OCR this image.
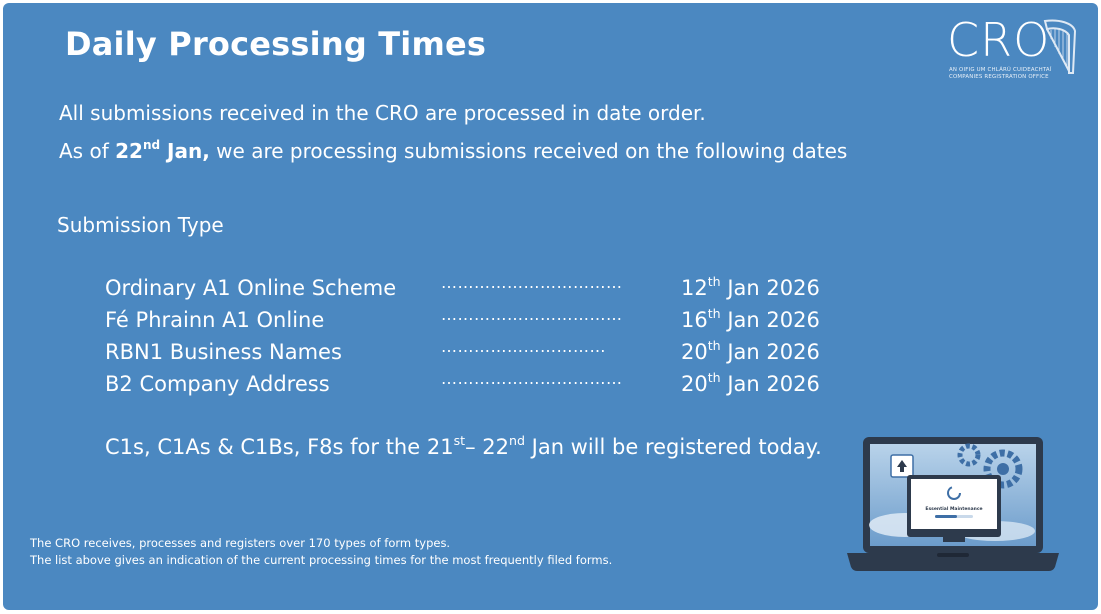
Daily Processing Times	CRO
AN OIFIG UM CHLÁRÚ CUIDEACHTAÍ
COMPANIES REGISTRATION OFFICE
All submissions received in the CRO are processed in date order.
As of 22nd Jan, we are processing submissions received on the following dates
Submission Type
Ordinary A1 Online Scheme	……………………………	12th Jan 2026
Fé Phrainn A1 Online	……………………………	16th Jan 2026
RBN1 Business Names	…………………………	20th Jan 2026
B2 Company Address	……………………………	20th Jan 2026
C1s, C1As & C1Bs, F8s for the 21st– 22nd Jan will be registered today.
The CRO receives, processes and registers over 170 types of form types.
The list above gives an indication of the current processing times for the most frequently filed forms.
Essential Maintenance
